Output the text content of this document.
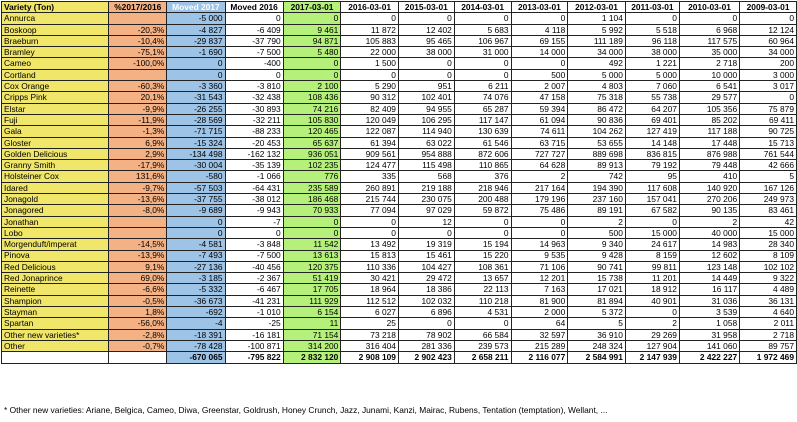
Variety (Ton)	%2017/2016	Moved 2017	Moved 2016	2017-03-01	2016-03-01	2015-03-01	2014-03-01	2013-03-01	2012-03-01	2011-03-01	2010-03-01	2009-03-01
Annurca		-5 000	0	0	0	0	0	0	1 104	0	0	0
Boskoop	-20,3%	-4 827	-6 409	9 461	11 872	12 402	5 683	4 118	5 992	5 518	6 968	12 124
Braeburn	-10,4%	-29 837	-37 790	94 871	105 883	95 465	106 967	69 155	111 189	96 118	117 575	60 964
Bramley	-75,1%	-1 690	-7 500	5 480	22 000	38 000	31 000	14 000	34 000	38 000	35 000	34 000
Cameo	-100,0%	0	-400	0	1 500	0	0	0	492	1 221	2 718	200
Cortland		0	0	0	0	0	0	500	5 000	5 000	10 000	3 000
Cox Orange	-60,3%	-3 360	-3 810	2 100	5 290	951	6 211	2 007	4 803	7 060	6 541	3 017
Cripps Pink	20,1%	-31 543	-32 438	108 436	90 312	102 401	74 076	47 158	75 318	55 738	29 577	0
Elstar	-9,9%	-26 255	-30 893	74 216	82 409	94 955	65 287	59 394	86 472	64 207	105 356	75 879
Fuji	-11,9%	-28 569	-32 211	105 830	120 049	106 295	117 147	61 094	90 836	69 401	85 202	69 411
Gala	-1,3%	-71 715	-88 233	120 465	122 087	114 940	130 639	74 611	104 262	127 419	117 188	90 725
Gloster	6,9%	-15 324	-20 453	65 637	61 394	63 022	61 546	63 715	53 655	14 148	17 448	15 713
Golden Delicious	2,9%	-134 498	-162 132	936 051	909 561	954 888	872 606	727 727	889 698	836 815	876 988	761 544
Granny Smith	-17,9%	-30 004	-35 139	102 235	124 477	115 498	110 865	64 628	89 913	79 192	79 448	42 666
Holsteiner Cox	131,6%	-580	-1 066	776	335	568	376	2	742	95	410	5
Idared	-9,7%	-57 503	-64 431	235 589	260 891	219 188	218 946	217 164	194 390	117 608	140 920	167 126
Jonagold	-13,6%	-37 755	-38 012	186 468	215 744	230 075	200 488	179 196	237 160	157 041	270 206	249 973
Jonagored	-8,0%	-9 689	-9 943	70 933	77 094	97 029	59 872	75 486	89 191	67 582	90 135	83 461
Jonathan		0	-7	0	0	12	0	0	2	0	2	42
Lobo		0	0	0	0	0	0	0	500	15 000	40 000	15 000
Morgenduft/imperat	-14,5%	-4 581	-3 848	11 542	13 492	19 319	15 194	14 963	9 340	24 617	14 983	28 340
Pinova	-13,9%	-7 493	-7 500	13 613	15 813	15 461	15 220	9 535	9 428	8 159	12 602	8 109
Red Delicious	9,1%	-27 136	-40 456	120 375	110 336	104 427	108 361	71 106	90 741	99 811	123 148	102 102
Red Jonaprince	69,0%	-3 185	-2 367	51 419	30 421	29 472	13 657	12 201	15 738	11 201	14 449	9 322
Reinette	-6,6%	-5 332	-6 467	17 705	18 964	18 386	22 113	7 163	17 021	18 912	16 117	4 489
Shampion	-0,5%	-36 673	-41 231	111 929	112 512	102 032	110 218	81 900	81 894	40 901	31 036	36 131
Stayman	1,8%	-692	-1 010	6 154	6 027	6 896	4 531	2 000	5 372	0	3 539	4 640
Spartan	-56,0%	-4	-25	11	25	0	0	64	5	2	1 058	2 011
Other new varieties*	-2,8%	-18 391	-16 181	71 154	73 218	78 902	66 584	32 597	36 910	29 269	31 958	2 718
Other	-0,7%	-78 428	-100 871	314 200	316 404	281 336	239 573	215 289	248 324	127 904	141 060	89 757
		-670 065	-795 822	2 832 120	2 908 109	2 902 423	2 658 211	2 116 077	2 584 991	2 147 939	2 422 227	1 972 469
* Other new varieties: Ariane, Belgica, Cameo, Diwa, Greenstar, Goldrush, Honey Crunch, Jazz, Junami, Kanzi, Mairac, Rubens, Tentation (temptation), Wellant, ...
